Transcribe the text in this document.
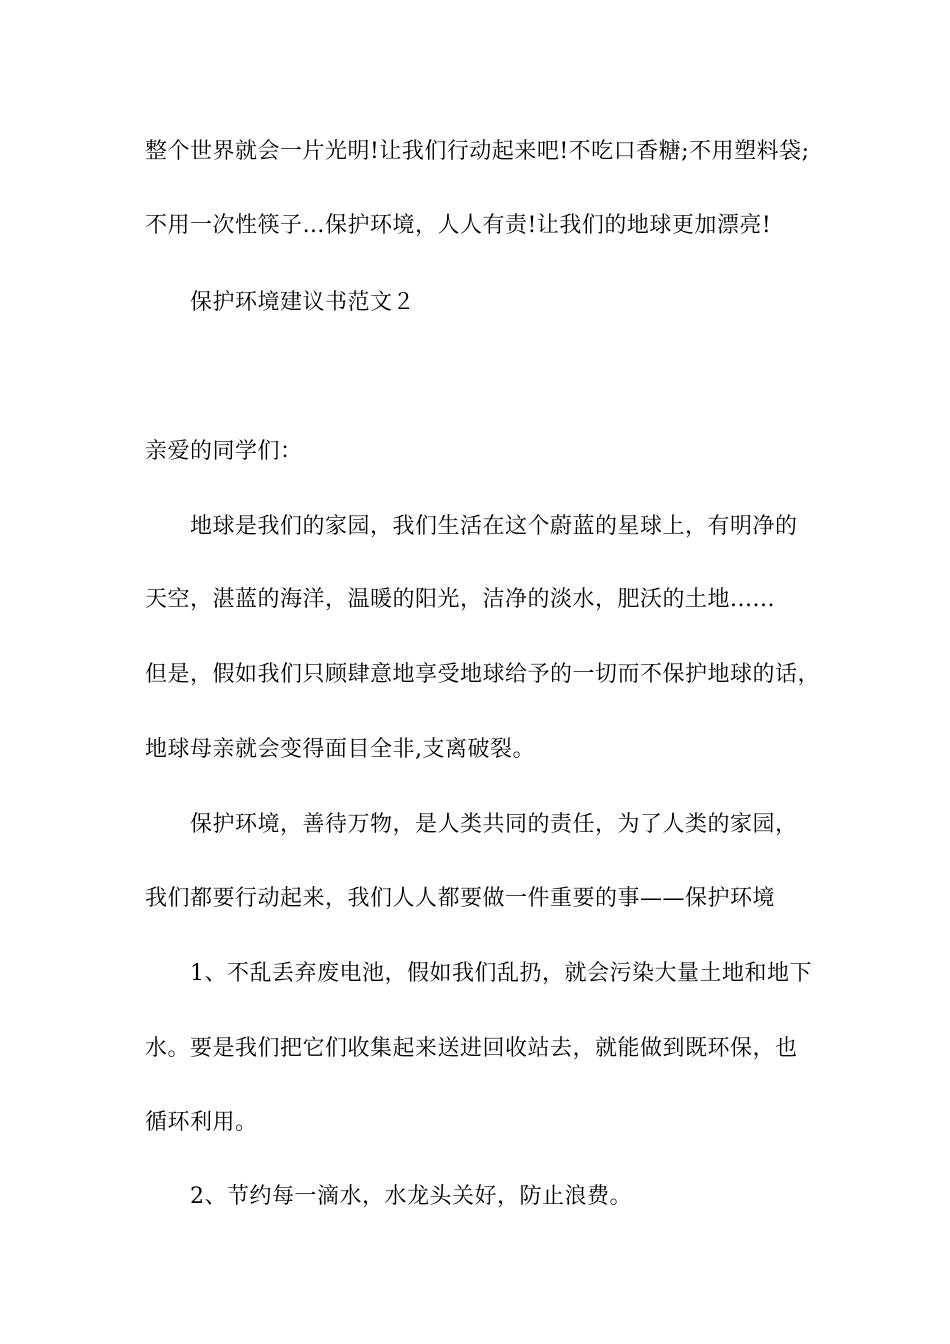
整个世界就会一片光明!让我们行动起来吧!不吃口香糖;不用塑料袋;
不用一次性筷子…保护环境，人人有责!让我们的地球更加漂亮!
保护环境建议书范文２
亲爱的同学们：
地球是我们的家园，我们生活在这个蔚蓝的星球上，有明净的
天空，湛蓝的海洋，温暖的阳光，洁净的淡水，肥沃的土地......
但是，假如我们只顾肆意地享受地球给予的一切而不保护地球的话，
地球母亲就会变得面目全非,支离破裂。
保护环境，善待万物，是人类共同的责任，为了人类的家园，
我们都要行动起来，我们人人都要做一件重要的事——保护环境
1、不乱丢弃废电池，假如我们乱扔，就会污染大量土地和地下
水。要是我们把它们收集起来送进回收站去，就能做到既环保，也
循环利用。
2、节约每一滴水，水龙头关好，防止浪费。
